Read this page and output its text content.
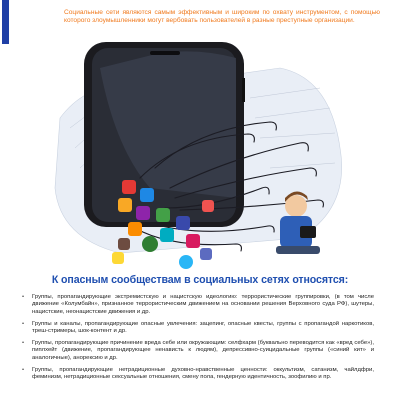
Социальные сети являются самым эффективным и широким по охвату инструментом, с помощью которого злоумышленники могут вербовать пользователей в разные преступные организации.

К опасным сообществам в социальных сетях относятся:
• Группы, пропагандирующие экстремистскую и нацистскую идеологию: террористические группировки, (в том числе движение «Колумбайн», признанное террористическим движением на основании решения Верховного суда РФ), шутеры, нацистские, неонацистские движения и др.
• Группы и каналы, пропагандирующие опасные увлечения: зацепинг, опасные квесты, группы с пропагандой наркотиков, треш-стримеры, шок-контент и др.
• Группы, пропагандирующие причинение вреда себе или окружающим: селфхарм (буквально переводится как «вред себе»), пиплхейт (движение, пропагандирующее ненависть к людям), депрессивно-суицидальные группы («синий кит» и аналогичные), анорексию и др.
• Группы, пропагандирующие нетрадиционные духовно-нравственные ценности: оккультизм, сатанизм, чайлдфри, феминизм, нетрадиционные сексуальные отношения, смену пола, гендерную идентичность, зоофилию и пр.
